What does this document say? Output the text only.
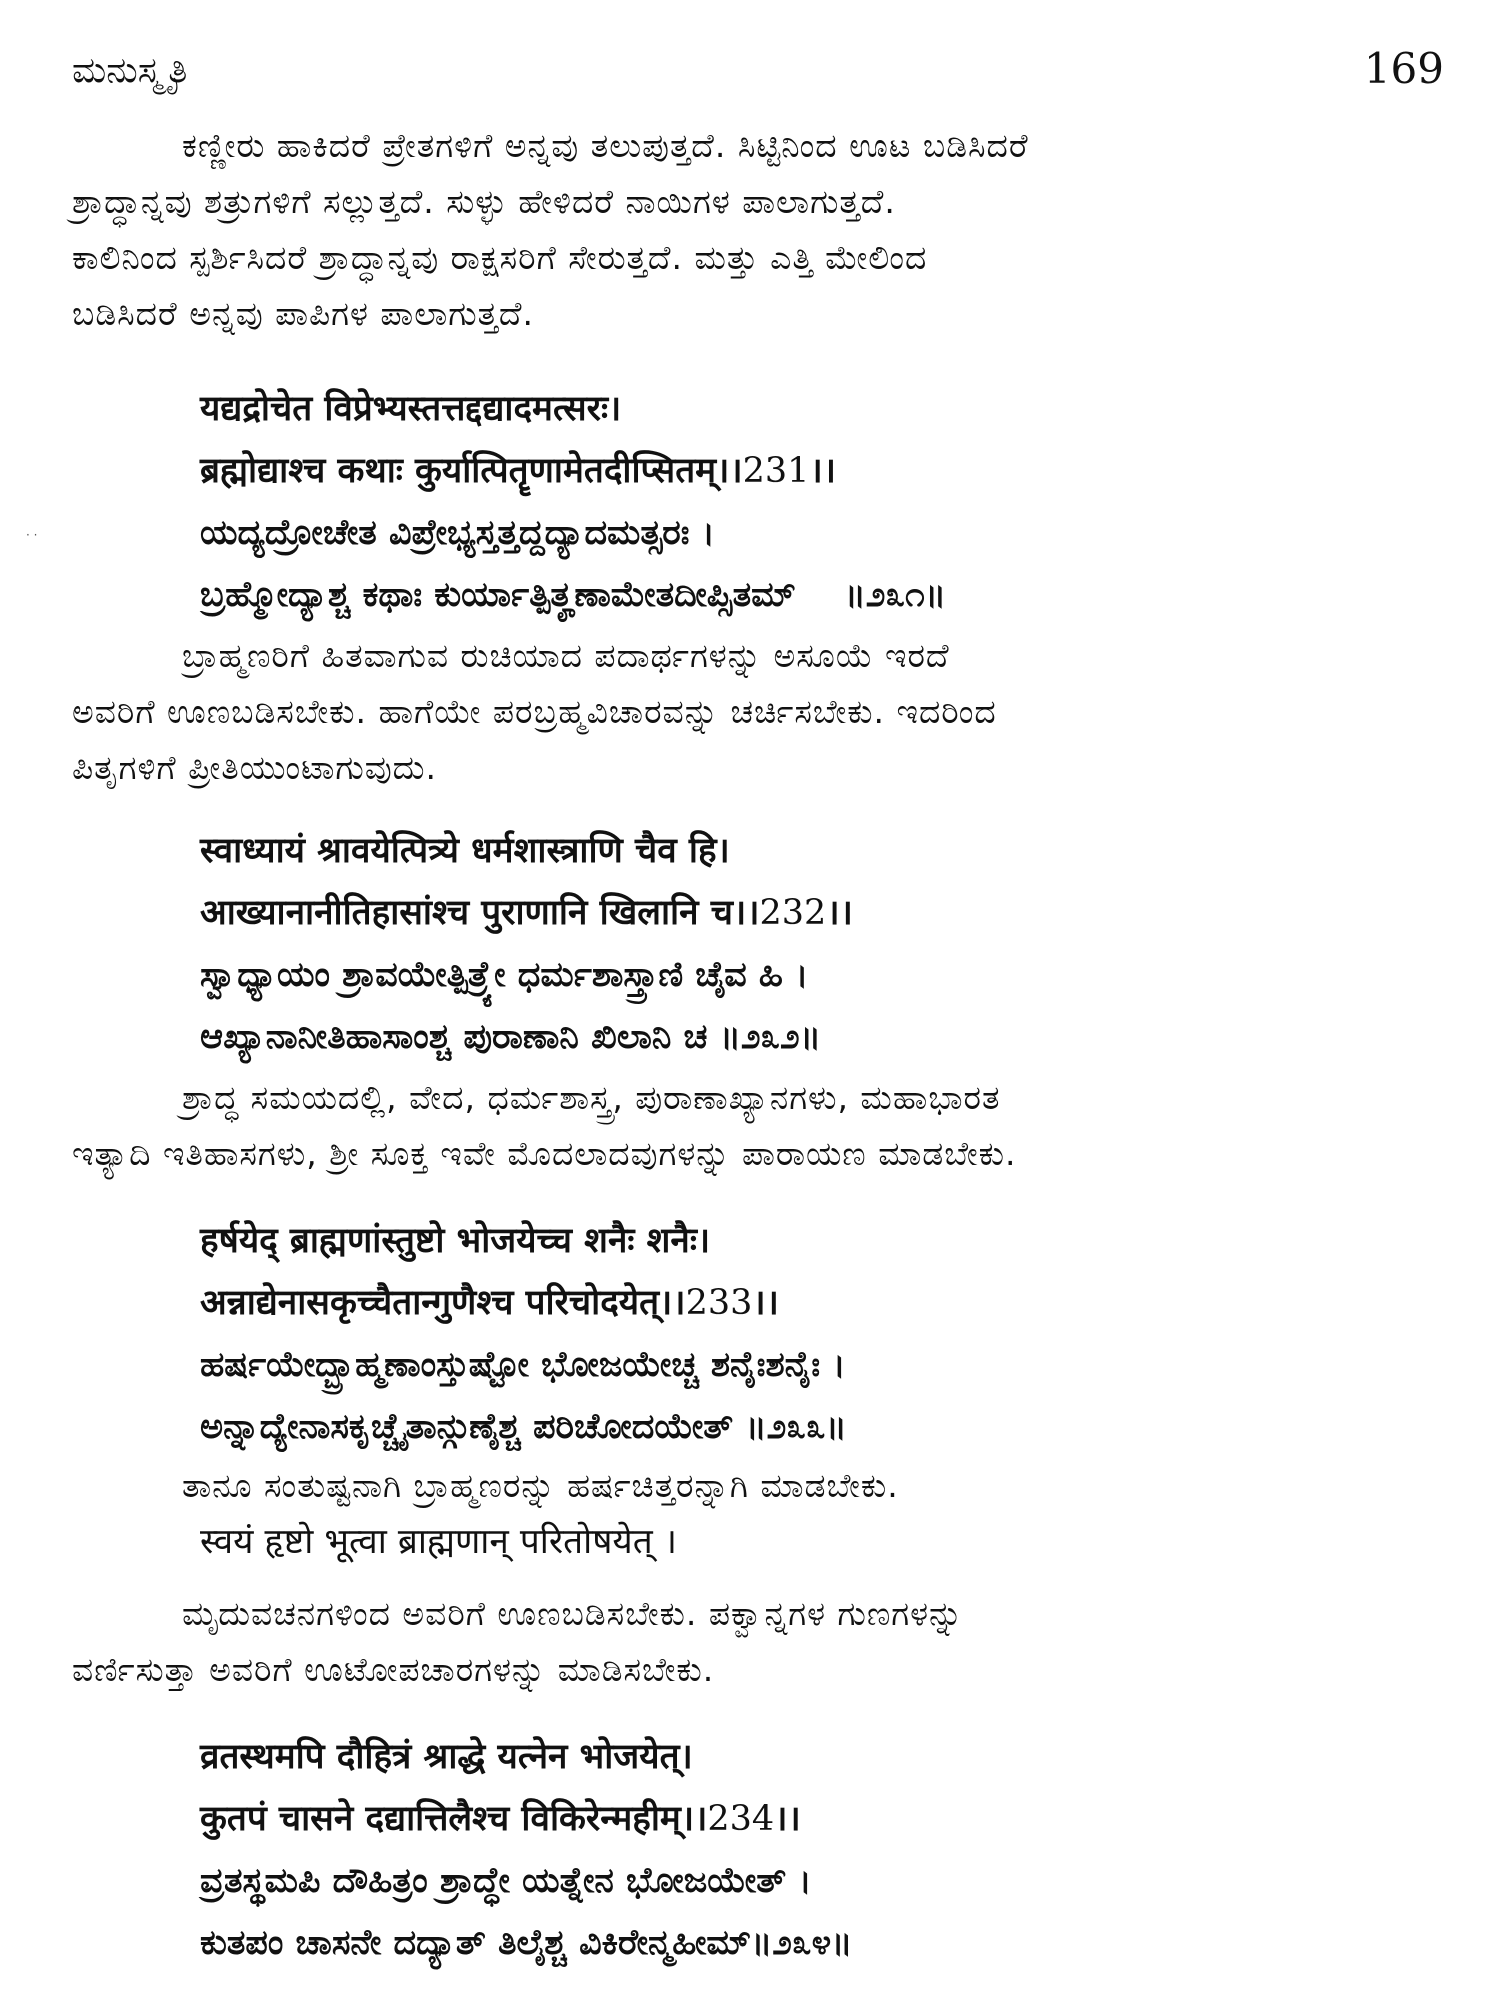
ಮನುಸ್ಮೃತಿ	169
· ·

ಕಣ್ಣೀರು ಹಾಕಿದರೆ ಪ್ರೇತಗಳಿಗೆ ಅನ್ನವು ತಲುಪುತ್ತದೆ. ಸಿಟ್ಟಿನಿಂದ ಊಟ ಬಡಿಸಿದರೆ

ಶ್ರಾದ್ಧಾನ್ನವು ಶತ್ರುಗಳಿಗೆ ಸಲ್ಲುತ್ತದೆ. ಸುಳ್ಳು ಹೇಳಿದರೆ ನಾಯಿಗಳ ಪಾಲಾಗುತ್ತದೆ.

ಕಾಲಿನಿಂದ ಸ್ಪರ್ಶಿಸಿದರೆ ಶ್ರಾದ್ಧಾನ್ನವು ರಾಕ್ಷಸರಿಗೆ ಸೇರುತ್ತದೆ. ಮತ್ತು ಎತ್ತಿ ಮೇಲಿಂದ

ಬಡಿಸಿದರೆ ಅನ್ನವು ಪಾಪಿಗಳ ಪಾಲಾಗುತ್ತದೆ.

यद्यद्रोचेत विप्रेभ्यस्तत्तद्दद्यादमत्सरः।

ब्रह्मोद्याश्च कथाः कुर्यात्पितॄणामेतदीप्सितम्।।231।।

ಯದ್ಯದ್ರೋಚೇತ ವಿಪ್ರೇಭ್ಯಸ್ತತ್ತದ್ದದ್ಯಾದಮತ್ಸರಃ ।

ಬ್ರಹ್ಮೋದ್ಯಾಶ್ಚ ಕಥಾಃ ಕುರ್ಯಾತ್ಪಿತೄಣಾಮೇತದೀಪ್ಸಿತಮ್ ॥೨೩೧॥

ಬ್ರಾಹ್ಮಣರಿಗೆ ಹಿತವಾಗುವ ರುಚಿಯಾದ ಪದಾರ್ಥಗಳನ್ನು ಅಸೂಯೆ ಇರದೆ

ಅವರಿಗೆ ಊಣಬಡಿಸಬೇಕು. ಹಾಗೆಯೇ ಪರಬ್ರಹ್ಮವಿಚಾರವನ್ನು ಚರ್ಚಿಸಬೇಕು. ಇದರಿಂದ

ಪಿತೃಗಳಿಗೆ ಪ್ರೀತಿಯುಂಟಾಗುವುದು.

स्वाध्यायं श्रावयेत्पित्र्ये धर्मशास्त्राणि चैव हि।

आख्यानानीतिहासांश्च पुराणानि खिलानि च।।232।।

ಸ್ವಾಧ್ಯಾಯಂ ಶ್ರಾವಯೇತ್ಪಿತ್ರ್ಯೇ ಧರ್ಮಶಾಸ್ತ್ರಾಣಿ ಚೈವ ಹಿ ।

ಆಖ್ಯಾನಾನೀತಿಹಾಸಾಂಶ್ಚ ಪುರಾಣಾನಿ ಖಿಲಾನಿ ಚ ॥೨೩೨॥

ಶ್ರಾದ್ಧ ಸಮಯದಲ್ಲಿ, ವೇದ, ಧರ್ಮಶಾಸ್ತ್ರ, ಪುರಾಣಾಖ್ಯಾನಗಳು, ಮಹಾಭಾರತ

ಇತ್ಯಾದಿ ಇತಿಹಾಸಗಳು, ಶ್ರೀ ಸೂಕ್ತ ಇವೇ ಮೊದಲಾದವುಗಳನ್ನು ಪಾರಾಯಣ ಮಾಡಬೇಕು.

हर्षयेद् ब्राह्मणांस्तुष्टो भोजयेच्च शनैः शनैः।

अन्नाद्येनासकृच्चैतान्गुणैश्च परिचोदयेत्।।233।।

ಹರ್ಷಯೇದ್ಬ್ರಾಹ್ಮಣಾಂಸ್ತುಷ್ಟೋ ಭೋಜಯೇಚ್ಚ ಶನೈಃಶನೈಃ ।

ಅನ್ನಾದ್ಯೇನಾಸಕೃಚ್ಚೈತಾನ್ಗುಣೈಶ್ಚ ಪರಿಚೋದಯೇತ್ ॥೨೩೩॥

ತಾನೂ ಸಂತುಷ್ಟನಾಗಿ ಬ್ರಾಹ್ಮಣರನ್ನು ಹರ್ಷಚಿತ್ತರನ್ನಾಗಿ ಮಾಡಬೇಕು.

स्वयं हृष्टो भूत्वा ब्राह्मणान् परितोषयेत् ।

ಮೃದುವಚನಗಳಿಂದ ಅವರಿಗೆ ಊಣಬಡಿಸಬೇಕು. ಪಕ್ವಾನ್ನಗಳ ಗುಣಗಳನ್ನು

ವರ್ಣಿಸುತ್ತಾ ಅವರಿಗೆ ಊಟೋಪಚಾರಗಳನ್ನು ಮಾಡಿಸಬೇಕು.

व्रतस्थमपि दौहित्रं श्राद्धे यत्नेन भोजयेत्।

कुतपं चासने दद्यात्तिलैश्च विकिरेन्महीम्।।234।।

ವ್ರತಸ್ಥಮಪಿ ದೌಹಿತ್ರಂ ಶ್ರಾದ್ಧೇ ಯತ್ನೇನ ಭೋಜಯೇತ್ ।

ಕುತಪಂ ಚಾಸನೇ ದದ್ಯಾತ್ ತಿಲೈಶ್ಚ ವಿಕಿರೇನ್ಮಹೀಮ್॥೨೩೪॥
